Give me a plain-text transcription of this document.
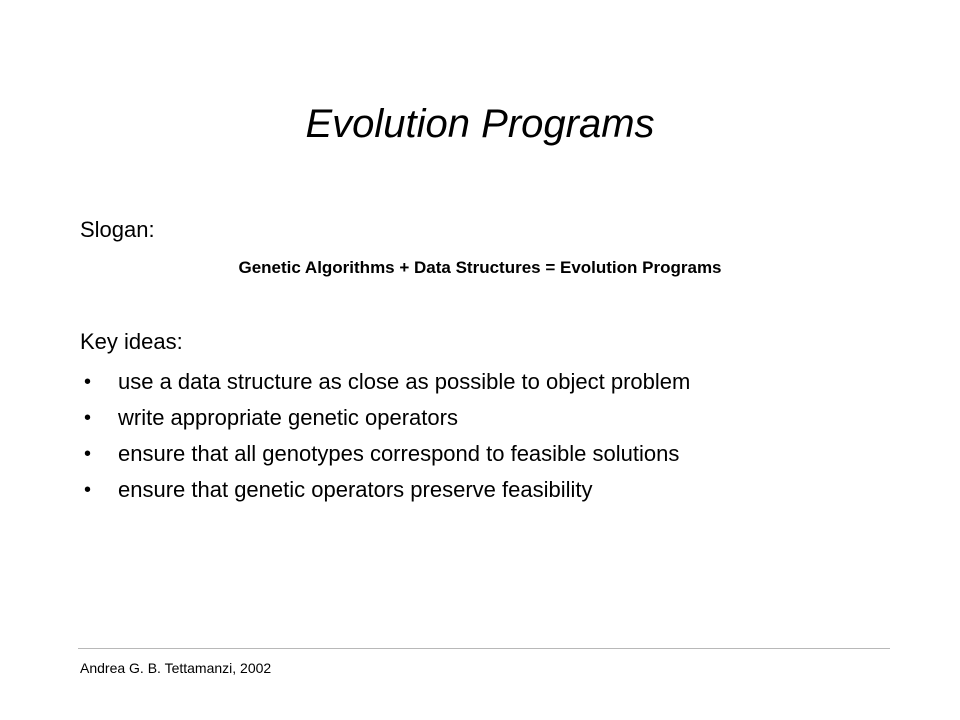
Evolution Programs
Slogan:
Genetic Algorithms + Data Structures = Evolution Programs
Key ideas:
• use a data structure as close as possible to object problem
• write appropriate genetic operators
• ensure that all genotypes correspond to feasible solutions
• ensure that genetic operators preserve feasibility
Andrea G. B. Tettamanzi, 2002
